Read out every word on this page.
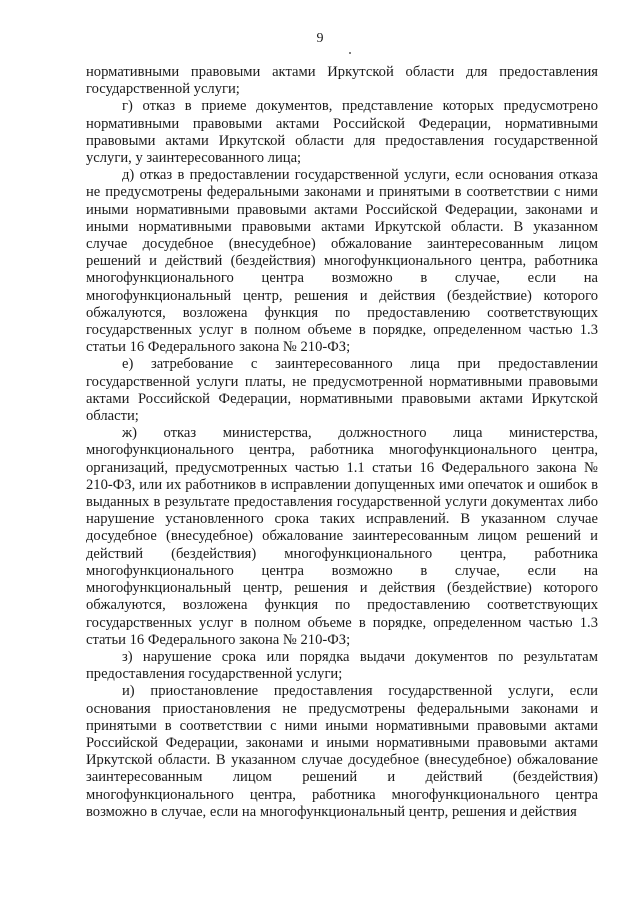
9

нормативными правовыми актами Иркутской области для предоставления государственной услуги;

г) отказ в приеме документов, представление которых предусмотрено нормативными правовыми актами Российской Федерации, нормативными правовыми актами Иркутской области для предоставления государственной услуги, у заинтересованного лица;

д) отказ в предоставлении государственной услуги, если основания отказа не предусмотрены федеральными законами и принятыми в соответствии с ними иными нормативными правовыми актами Российской Федерации, законами и иными нормативными правовыми актами Иркутской области. В указанном случае досудебное (внесудебное) обжалование заинтересованным лицом решений и действий (бездействия) многофункционального центра, работника многофункционального центра возможно в случае, если на многофункциональный центр, решения и действия (бездействие) которого обжалуются, возложена функция по предоставлению соответствующих государственных услуг в полном объеме в порядке, определенном частью 1.3 статьи 16 Федерального закона № 210-ФЗ;

е) затребование с заинтересованного лица при предоставлении государственной услуги платы, не предусмотренной нормативными правовыми актами Российской Федерации, нормативными правовыми актами Иркутской области;

ж) отказ министерства, должностного лица министерства, многофункционального центра, работника многофункционального центра, организаций, предусмотренных частью 1.1 статьи 16 Федерального закона № 210-ФЗ, или их работников в исправлении допущенных ими опечаток и ошибок в выданных в результате предоставления государственной услуги документах либо нарушение установленного срока таких исправлений. В указанном случае досудебное (внесудебное) обжалование заинтересованным лицом решений и действий (бездействия) многофункционального центра, работника многофункционального центра возможно в случае, если на многофункциональный центр, решения и действия (бездействие) которого обжалуются, возложена функция по предоставлению соответствующих государственных услуг в полном объеме в порядке, определенном частью 1.3 статьи 16 Федерального закона № 210-ФЗ;

з) нарушение срока или порядка выдачи документов по результатам предоставления государственной услуги;

и) приостановление предоставления государственной услуги, если основания приостановления не предусмотрены федеральными законами и принятыми в соответствии с ними иными нормативными правовыми актами Российской Федерации, законами и иными нормативными правовыми актами Иркутской области. В указанном случае досудебное (внесудебное) обжалование заинтересованным лицом решений и действий (бездействия) многофункционального центра, работника многофункционального центра возможно в случае, если на многофункциональный центр, решения и действия
